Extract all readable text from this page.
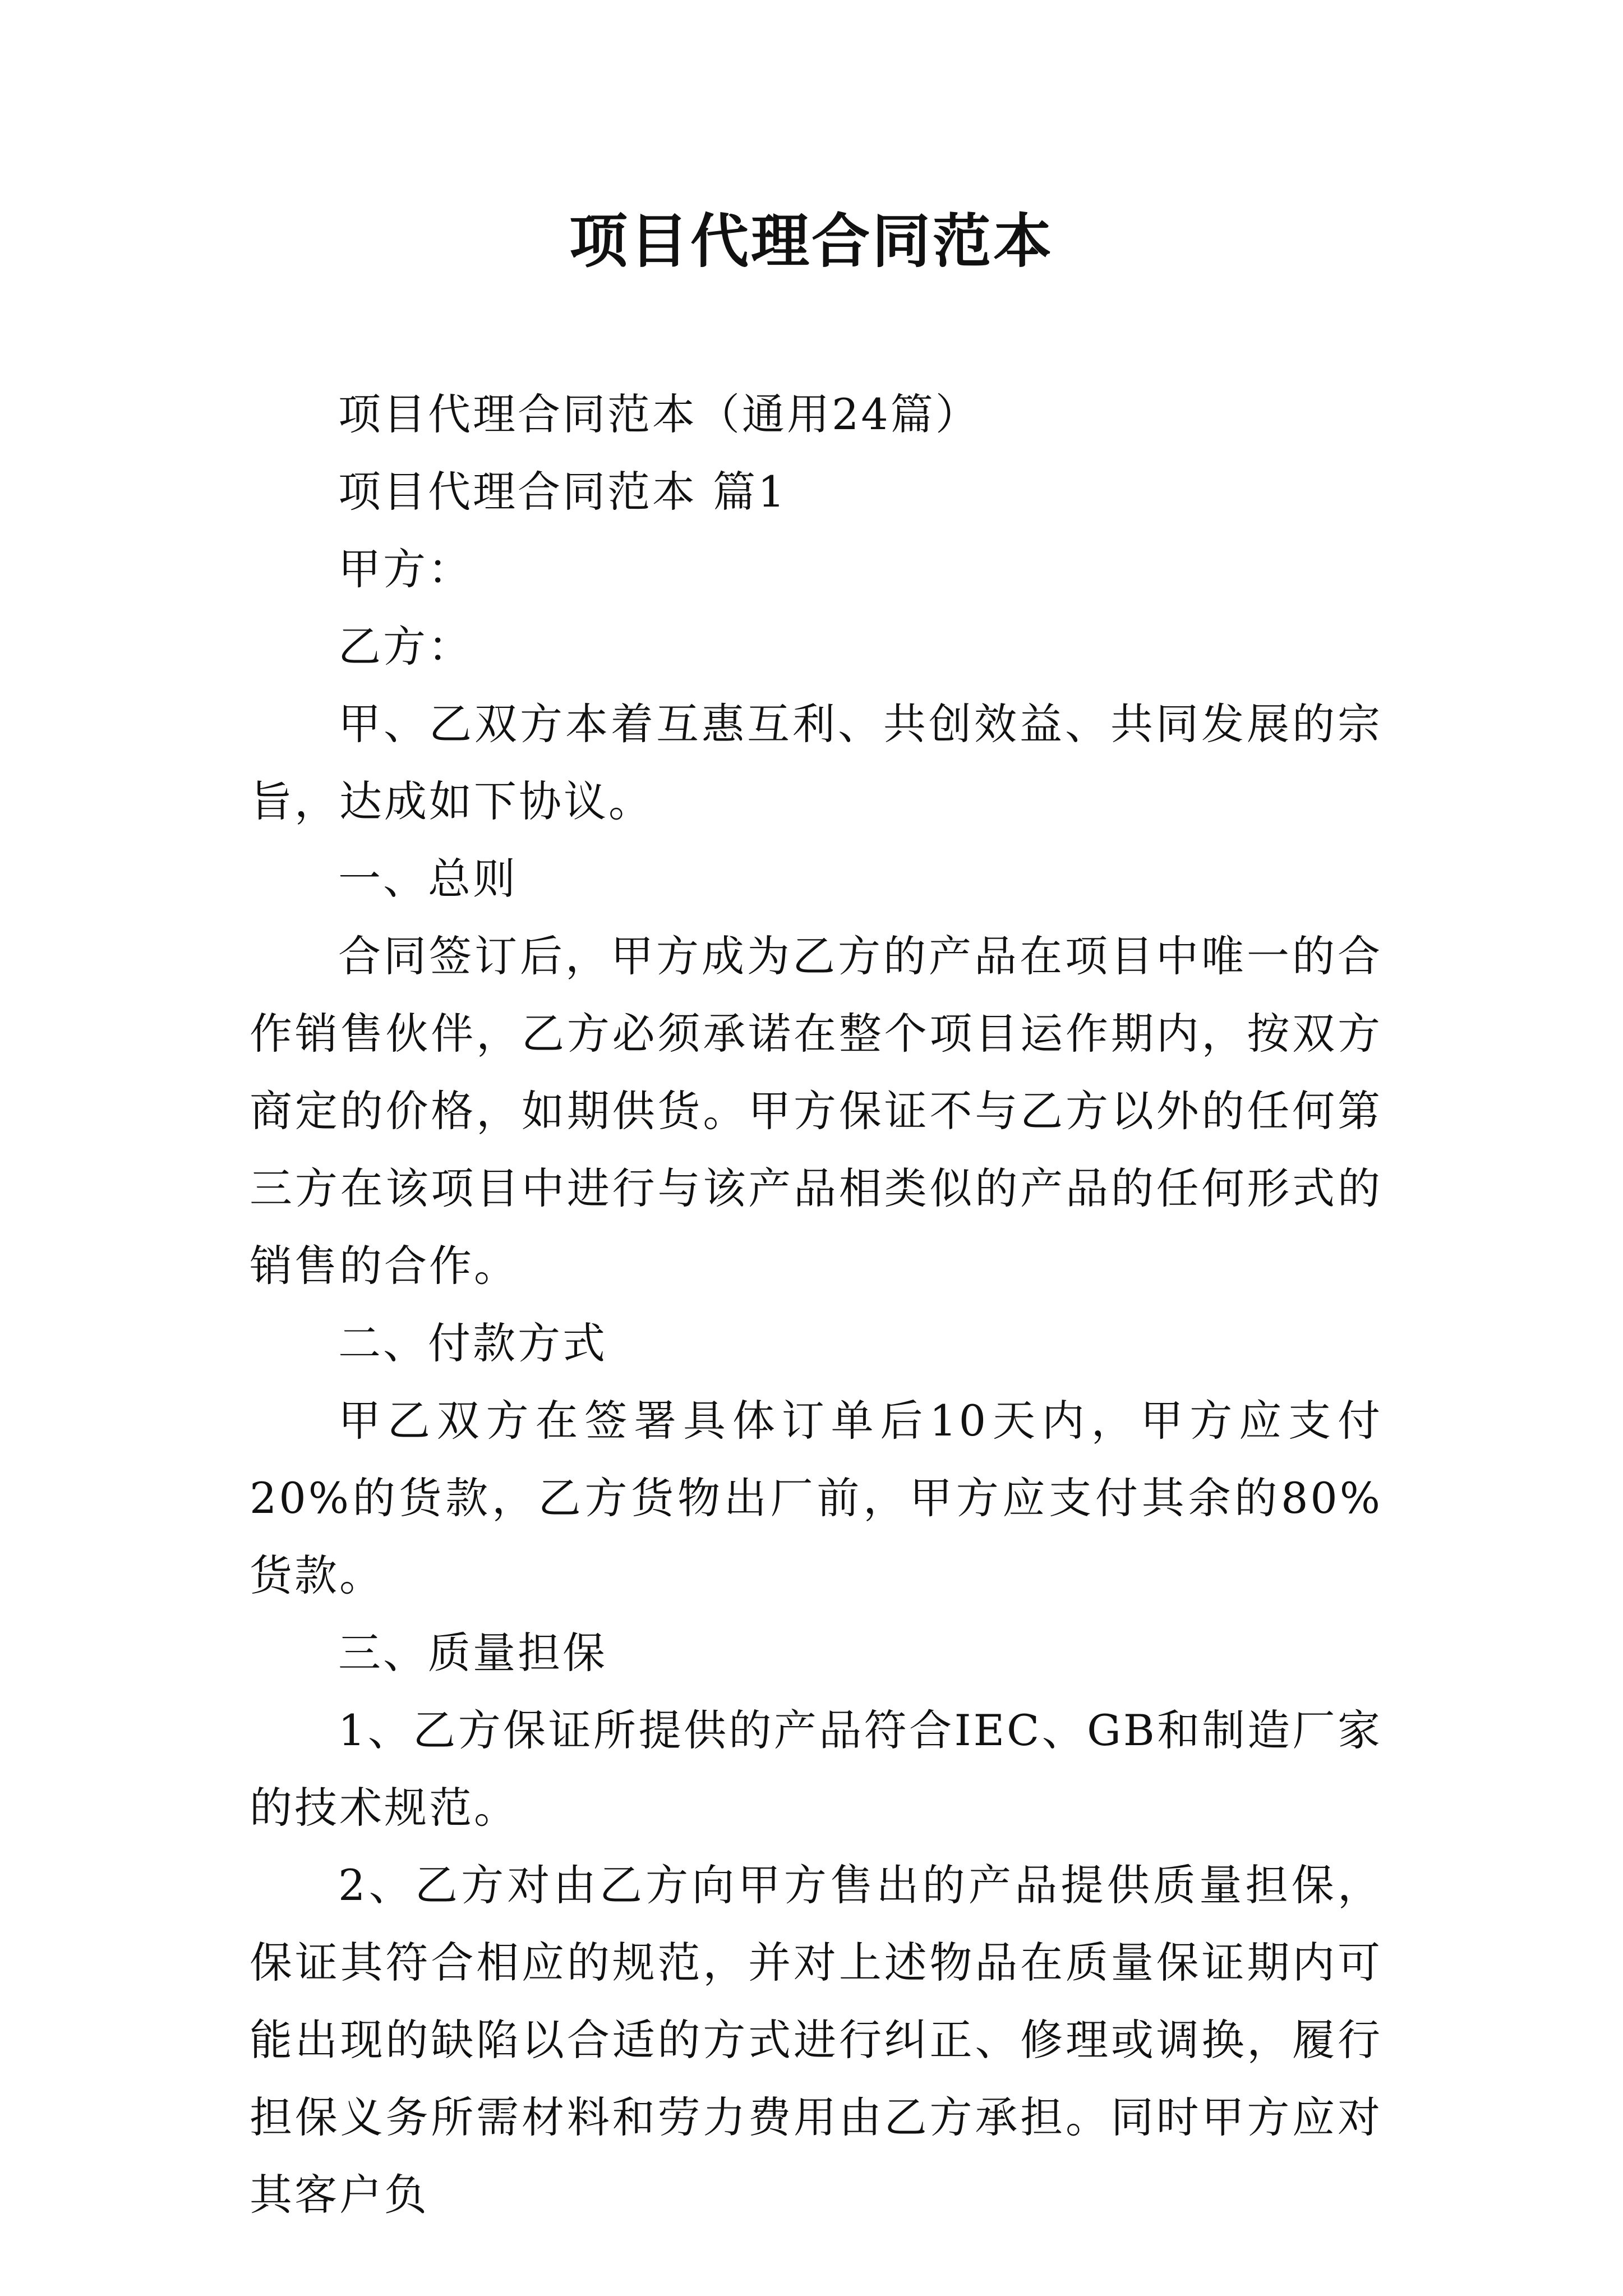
项目代理合同范本

项目代理合同范本（通用24篇）

项目代理合同范本 篇1

甲方：

乙方：

甲、乙双方本着互惠互利、共创效益、共同发展的宗旨，达成如下协议。

一、总则

合同签订后，甲方成为乙方的产品在项目中唯一的合作销售伙伴，乙方必须承诺在整个项目运作期内，按双方商定的价格，如期供货。甲方保证不与乙方以外的任何第三方在该项目中进行与该产品相类似的产品的任何形式的销售的合作。

二、付款方式

甲乙双方在签署具体订单后10天内，甲方应支付20%的货款，乙方货物出厂前，甲方应支付其余的80%货款。

三、质量担保

1、乙方保证所提供的产品符合IEC、GB和制造厂家的技术规范。

2、乙方对由乙方向甲方售出的产品提供质量担保，保证其符合相应的规范，并对上述物品在质量保证期内可能出现的缺陷以合适的方式进行纠正、修理或调换，履行担保义务所需材料和劳力费用由乙方承担。同时甲方应对其客户负
